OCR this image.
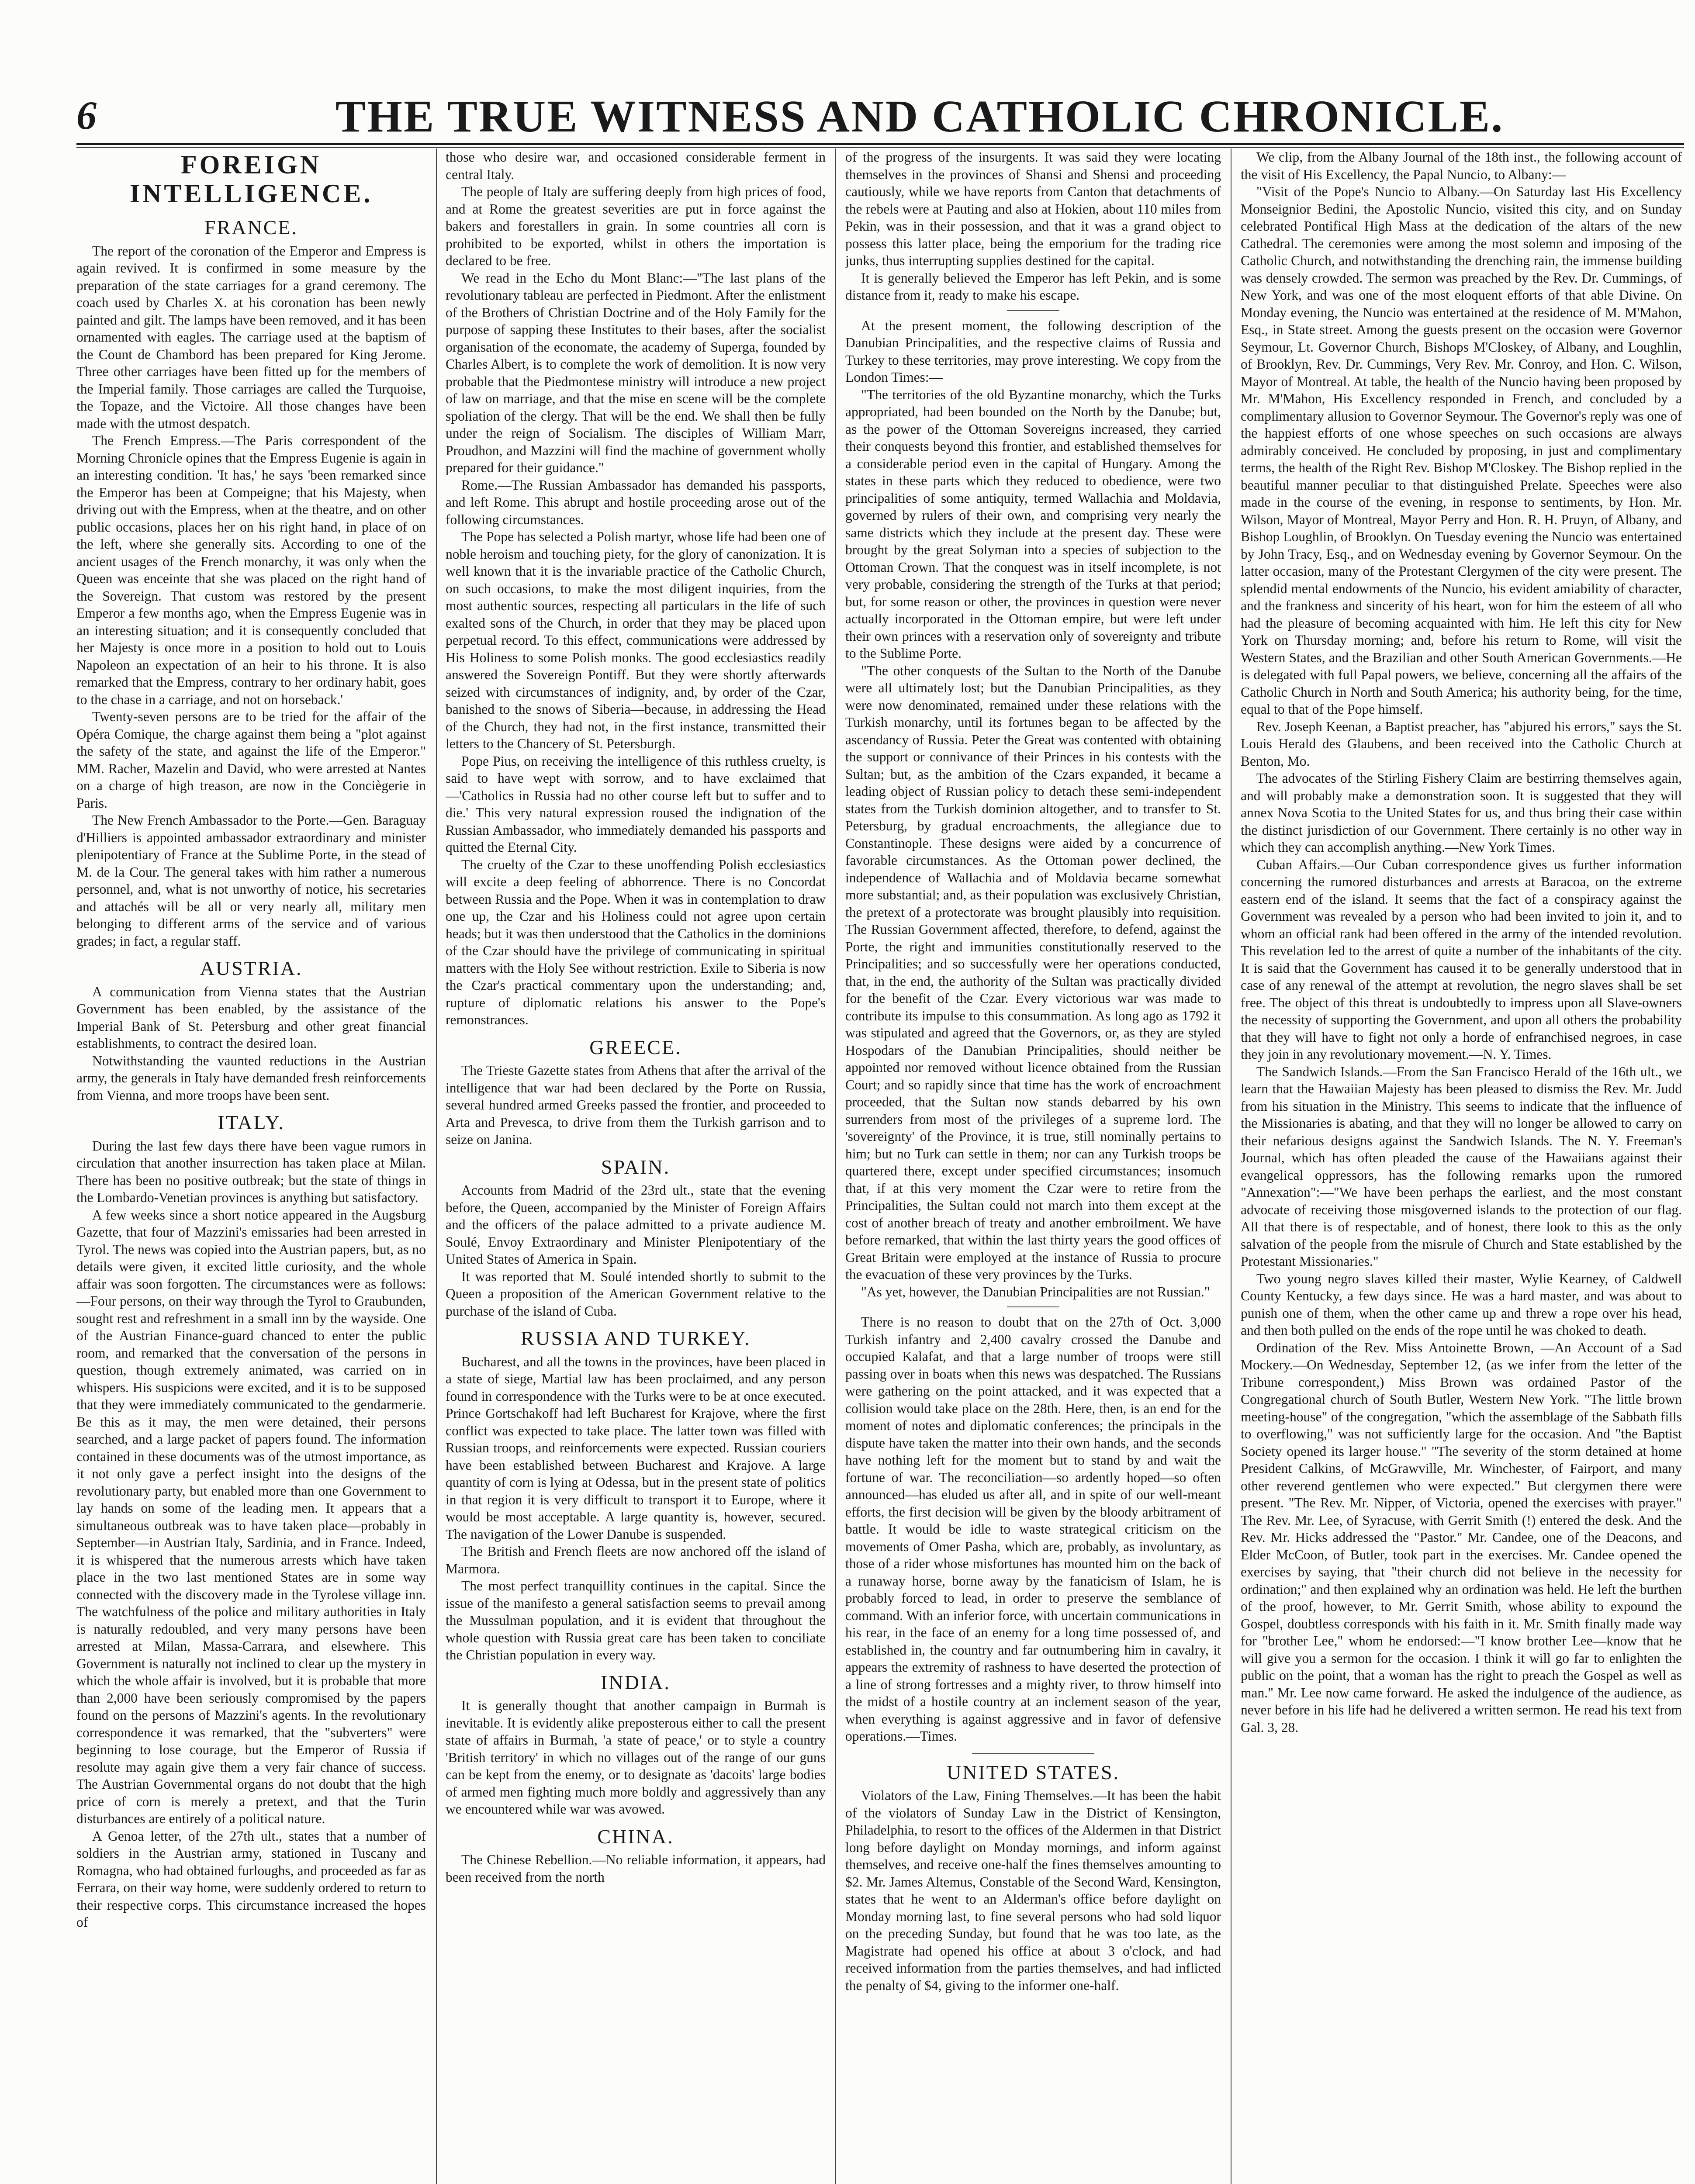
6	THE TRUE WITNESS AND CATHOLIC CHRONICLE.
FOREIGN INTELLIGENCE.
FRANCE.

The report of the coronation of the Emperor and Empress is again revived. It is confirmed in some measure by the preparation of the state carriages for a grand ceremony. The coach used by Charles X. at his coronation has been newly painted and gilt. The lamps have been removed, and it has been ornamented with eagles. The carriage used at the baptism of the Count de Chambord has been prepared for King Jerome. Three other carriages have been fitted up for the members of the Imperial family. Those carriages are called the Turquoise, the Topaze, and the Victoire. All those changes have been made with the utmost despatch.

The French Empress.—The Paris correspondent of the Morning Chronicle opines that the Empress Eugenie is again in an interesting condition. 'It has,' he says 'been remarked since the Emperor has been at Compeigne; that his Majesty, when driving out with the Empress, when at the theatre, and on other public occasions, places her on his right hand, in place of on the left, where she generally sits. According to one of the ancient usages of the French monarchy, it was only when the Queen was enceinte that she was placed on the right hand of the Sovereign. That custom was restored by the present Emperor a few months ago, when the Empress Eugenie was in an interesting situation; and it is consequently concluded that her Majesty is once more in a position to hold out to Louis Napoleon an expectation of an heir to his throne. It is also remarked that the Empress, contrary to her ordinary habit, goes to the chase in a carriage, and not on horseback.'

Twenty-seven persons are to be tried for the affair of the Opéra Comique, the charge against them being a "plot against the safety of the state, and against the life of the Emperor." MM. Racher, Mazelin and David, who were arrested at Nantes on a charge of high treason, are now in the Conciègerie in Paris.

The New French Ambassador to the Porte.—Gen. Baraguay d'Hilliers is appointed ambassador extraordinary and minister plenipotentiary of France at the Sublime Porte, in the stead of M. de la Cour. The general takes with him rather a numerous personnel, and, what is not unworthy of notice, his secretaries and attachés will be all or very nearly all, military men belonging to different arms of the service and of various grades; in fact, a regular staff.

AUSTRIA.

A communication from Vienna states that the Austrian Government has been enabled, by the assistance of the Imperial Bank of St. Petersburg and other great financial establishments, to contract the desired loan.

Notwithstanding the vaunted reductions in the Austrian army, the generals in Italy have demanded fresh reinforcements from Vienna, and more troops have been sent.

ITALY.

During the last few days there have been vague rumors in circulation that another insurrection has taken place at Milan. There has been no positive outbreak; but the state of things in the Lombardo-Venetian provinces is anything but satisfactory.

A few weeks since a short notice appeared in the Augsburg Gazette, that four of Mazzini's emissaries had been arrested in Tyrol. The news was copied into the Austrian papers, but, as no details were given, it excited little curiosity, and the whole affair was soon forgotten. The circumstances were as follows:—Four persons, on their way through the Tyrol to Graubunden, sought rest and refreshment in a small inn by the wayside. One of the Austrian Finance-guard chanced to enter the public room, and remarked that the conversation of the persons in question, though extremely animated, was carried on in whispers. His suspicions were excited, and it is to be supposed that they were immediately communicated to the gendarmerie. Be this as it may, the men were detained, their persons searched, and a large packet of papers found. The information contained in these documents was of the utmost importance, as it not only gave a perfect insight into the designs of the revolutionary party, but enabled more than one Government to lay hands on some of the leading men. It appears that a simultaneous outbreak was to have taken place—probably in September—in Austrian Italy, Sardinia, and in France. Indeed, it is whispered that the numerous arrests which have taken place in the two last mentioned States are in some way connected with the discovery made in the Tyrolese village inn. The watchfulness of the police and military authorities in Italy is naturally redoubled, and very many persons have been arrested at Milan, Massa-Carrara, and elsewhere. This Government is naturally not inclined to clear up the mystery in which the whole affair is involved, but it is probable that more than 2,000 have been seriously compromised by the papers found on the persons of Mazzini's agents. In the revolutionary correspondence it was remarked, that the "subverters" were beginning to lose courage, but the Emperor of Russia if resolute may again give them a very fair chance of success. The Austrian Governmental organs do not doubt that the high price of corn is merely a pretext, and that the Turin disturbances are entirely of a political nature.

A Genoa letter, of the 27th ult., states that a number of soldiers in the Austrian army, stationed in Tuscany and Romagna, who had obtained furloughs, and proceeded as far as Ferrara, on their way home, were suddenly ordered to return to their respective corps. This circumstance increased the hopes of

those who desire war, and occasioned considerable ferment in central Italy.

The people of Italy are suffering deeply from high prices of food, and at Rome the greatest severities are put in force against the bakers and forestallers in grain. In some countries all corn is prohibited to be exported, whilst in others the importation is declared to be free.

We read in the Echo du Mont Blanc:—"The last plans of the revolutionary tableau are perfected in Piedmont. After the enlistment of the Brothers of Christian Doctrine and of the Holy Family for the purpose of sapping these Institutes to their bases, after the socialist organisation of the economate, the academy of Superga, founded by Charles Albert, is to complete the work of demolition. It is now very probable that the Piedmontese ministry will introduce a new project of law on marriage, and that the mise en scene will be the complete spoliation of the clergy. That will be the end. We shall then be fully under the reign of Socialism. The disciples of William Marr, Proudhon, and Mazzini will find the machine of government wholly prepared for their guidance."

Rome.—The Russian Ambassador has demanded his passports, and left Rome. This abrupt and hostile proceeding arose out of the following circumstances.

The Pope has selected a Polish martyr, whose life had been one of noble heroism and touching piety, for the glory of canonization. It is well known that it is the invariable practice of the Catholic Church, on such occasions, to make the most diligent inquiries, from the most authentic sources, respecting all particulars in the life of such exalted sons of the Church, in order that they may be placed upon perpetual record. To this effect, communications were addressed by His Holiness to some Polish monks. The good ecclesiastics readily answered the Sovereign Pontiff. But they were shortly afterwards seized with circumstances of indignity, and, by order of the Czar, banished to the snows of Siberia—because, in addressing the Head of the Church, they had not, in the first instance, transmitted their letters to the Chancery of St. Petersburgh.

Pope Pius, on receiving the intelligence of this ruthless cruelty, is said to have wept with sorrow, and to have exclaimed that—'Catholics in Russia had no other course left but to suffer and to die.' This very natural expression roused the indignation of the Russian Ambassador, who immediately demanded his passports and quitted the Eternal City.

The cruelty of the Czar to these unoffending Polish ecclesiastics will excite a deep feeling of abhorrence. There is no Concordat between Russia and the Pope. When it was in contemplation to draw one up, the Czar and his Holiness could not agree upon certain heads; but it was then understood that the Catholics in the dominions of the Czar should have the privilege of communicating in spiritual matters with the Holy See without restriction. Exile to Siberia is now the Czar's practical commentary upon the understanding; and, rupture of diplomatic relations his answer to the Pope's remonstrances.

GREECE.

The Trieste Gazette states from Athens that after the arrival of the intelligence that war had been declared by the Porte on Russia, several hundred armed Greeks passed the frontier, and proceeded to Arta and Prevesca, to drive from them the Turkish garrison and to seize on Janina.

SPAIN.

Accounts from Madrid of the 23rd ult., state that the evening before, the Queen, accompanied by the Minister of Foreign Affairs and the officers of the palace admitted to a private audience M. Soulé, Envoy Extraordinary and Minister Plenipotentiary of the United States of America in Spain.

It was reported that M. Soulé intended shortly to submit to the Queen a proposition of the American Government relative to the purchase of the island of Cuba.

RUSSIA AND TURKEY.

Bucharest, and all the towns in the provinces, have been placed in a state of siege, Martial law has been proclaimed, and any person found in correspondence with the Turks were to be at once executed. Prince Gortschakoff had left Bucharest for Krajove, where the first conflict was expected to take place. The latter town was filled with Russian troops, and reinforcements were expected. Russian couriers have been established between Bucharest and Krajove. A large quantity of corn is lying at Odessa, but in the present state of politics in that region it is very difficult to transport it to Europe, where it would be most acceptable. A large quantity is, however, secured. The navigation of the Lower Danube is suspended.

The British and French fleets are now anchored off the island of Marmora.

The most perfect tranquillity continues in the capital. Since the issue of the manifesto a general satisfaction seems to prevail among the Mussulman population, and it is evident that throughout the whole question with Russia great care has been taken to conciliate the Christian population in every way.

INDIA.

It is generally thought that another campaign in Burmah is inevitable. It is evidently alike preposterous either to call the present state of affairs in Burmah, 'a state of peace,' or to style a country 'British territory' in which no villages out of the range of our guns can be kept from the enemy, or to designate as 'dacoits' large bodies of armed men fighting much more boldly and aggressively than any we encountered while war was avowed.

CHINA.

The Chinese Rebellion.—No reliable information, it appears, had been received from the north

of the progress of the insurgents. It was said they were locating themselves in the provinces of Shansi and Shensi and proceeding cautiously, while we have reports from Canton that detachments of the rebels were at Pauting and also at Hokien, about 110 miles from Pekin, was in their possession, and that it was a grand object to possess this latter place, being the emporium for the trading rice junks, thus interrupting supplies destined for the capital.

It is generally believed the Emperor has left Pekin, and is some distance from it, ready to make his escape.

At the present moment, the following description of the Danubian Principalities, and the respective claims of Russia and Turkey to these territories, may prove interesting. We copy from the London Times:—

"The territories of the old Byzantine monarchy, which the Turks appropriated, had been bounded on the North by the Danube; but, as the power of the Ottoman Sovereigns increased, they carried their conquests beyond this frontier, and established themselves for a considerable period even in the capital of Hungary. Among the states in these parts which they reduced to obedience, were two principalities of some antiquity, termed Wallachia and Moldavia, governed by rulers of their own, and comprising very nearly the same districts which they include at the present day. These were brought by the great Solyman into a species of subjection to the Ottoman Crown. That the conquest was in itself incomplete, is not very probable, considering the strength of the Turks at that period; but, for some reason or other, the provinces in question were never actually incorporated in the Ottoman empire, but were left under their own princes with a reservation only of sovereignty and tribute to the Sublime Porte.

"The other conquests of the Sultan to the North of the Danube were all ultimately lost; but the Danubian Principalities, as they were now denominated, remained under these relations with the Turkish monarchy, until its fortunes began to be affected by the ascendancy of Russia. Peter the Great was contented with obtaining the support or connivance of their Princes in his contests with the Sultan; but, as the ambition of the Czars expanded, it became a leading object of Russian policy to detach these semi-independent states from the Turkish dominion altogether, and to transfer to St. Petersburg, by gradual encroachments, the allegiance due to Constantinople. These designs were aided by a concurrence of favorable circumstances. As the Ottoman power declined, the independence of Wallachia and of Moldavia became somewhat more substantial; and, as their population was exclusively Christian, the pretext of a protectorate was brought plausibly into requisition. The Russian Government affected, therefore, to defend, against the Porte, the right and immunities constitutionally reserved to the Principalities; and so successfully were her operations conducted, that, in the end, the authority of the Sultan was practically divided for the benefit of the Czar. Every victorious war was made to contribute its impulse to this consummation. As long ago as 1792 it was stipulated and agreed that the Governors, or, as they are styled Hospodars of the Danubian Principalities, should neither be appointed nor removed without licence obtained from the Russian Court; and so rapidly since that time has the work of encroachment proceeded, that the Sultan now stands debarred by his own surrenders from most of the privileges of a supreme lord. The 'sovereignty' of the Province, it is true, still nominally pertains to him; but no Turk can settle in them; nor can any Turkish troops be quartered there, except under specified circumstances; insomuch that, if at this very moment the Czar were to retire from the Principalities, the Sultan could not march into them except at the cost of another breach of treaty and another embroilment. We have before remarked, that within the last thirty years the good offices of Great Britain were employed at the instance of Russia to procure the evacuation of these very provinces by the Turks.

"As yet, however, the Danubian Principalities are not Russian."

There is no reason to doubt that on the 27th of Oct. 3,000 Turkish infantry and 2,400 cavalry crossed the Danube and occupied Kalafat, and that a large number of troops were still passing over in boats when this news was despatched. The Russians were gathering on the point attacked, and it was expected that a collision would take place on the 28th. Here, then, is an end for the moment of notes and diplomatic conferences; the principals in the dispute have taken the matter into their own hands, and the seconds have nothing left for the moment but to stand by and wait the fortune of war. The reconciliation—so ardently hoped—so often announced—has eluded us after all, and in spite of our well-meant efforts, the first decision will be given by the bloody arbitrament of battle. It would be idle to waste strategical criticism on the movements of Omer Pasha, which are, probably, as involuntary, as those of a rider whose misfortunes has mounted him on the back of a runaway horse, borne away by the fanaticism of Islam, he is probably forced to lead, in order to preserve the semblance of command. With an inferior force, with uncertain communications in his rear, in the face of an enemy for a long time possessed of, and established in, the country and far outnumbering him in cavalry, it appears the extremity of rashness to have deserted the protection of a line of strong fortresses and a mighty river, to throw himself into the midst of a hostile country at an inclement season of the year, when everything is against aggressive and in favor of defensive operations.—Times.

UNITED STATES.

Violators of the Law, Fining Themselves.—It has been the habit of the violators of Sunday Law in the District of Kensington, Philadelphia, to resort to the offices of the Aldermen in that District long before daylight on Monday mornings, and inform against themselves, and receive one-half the fines themselves amounting to $2. Mr. James Altemus, Constable of the Second Ward, Kensington, states that he went to an Alderman's office before daylight on Monday morning last, to fine several persons who had sold liquor on the preceding Sunday, but found that he was too late, as the Magistrate had opened his office at about 3 o'clock, and had received information from the parties themselves, and had inflicted the penalty of $4, giving to the informer one-half.

We clip, from the Albany Journal of the 18th inst., the following account of the visit of His Excellency, the Papal Nuncio, to Albany:—

"Visit of the Pope's Nuncio to Albany.—On Saturday last His Excellency Monseignior Bedini, the Apostolic Nuncio, visited this city, and on Sunday celebrated Pontifical High Mass at the dedication of the altars of the new Cathedral. The ceremonies were among the most solemn and imposing of the Catholic Church, and notwithstanding the drenching rain, the immense building was densely crowded. The sermon was preached by the Rev. Dr. Cummings, of New York, and was one of the most eloquent efforts of that able Divine. On Monday evening, the Nuncio was entertained at the residence of M. M'Mahon, Esq., in State street. Among the guests present on the occasion were Governor Seymour, Lt. Governor Church, Bishops M'Closkey, of Albany, and Loughlin, of Brooklyn, Rev. Dr. Cummings, Very Rev. Mr. Conroy, and Hon. C. Wilson, Mayor of Montreal. At table, the health of the Nuncio having been proposed by Mr. M'Mahon, His Excellency responded in French, and concluded by a complimentary allusion to Governor Seymour. The Governor's reply was one of the happiest efforts of one whose speeches on such occasions are always admirably conceived. He concluded by proposing, in just and complimentary terms, the health of the Right Rev. Bishop M'Closkey. The Bishop replied in the beautiful manner peculiar to that distinguished Prelate. Speeches were also made in the course of the evening, in response to sentiments, by Hon. Mr. Wilson, Mayor of Montreal, Mayor Perry and Hon. R. H. Pruyn, of Albany, and Bishop Loughlin, of Brooklyn. On Tuesday evening the Nuncio was entertained by John Tracy, Esq., and on Wednesday evening by Governor Seymour. On the latter occasion, many of the Protestant Clergymen of the city were present. The splendid mental endowments of the Nuncio, his evident amiability of character, and the frankness and sincerity of his heart, won for him the esteem of all who had the pleasure of becoming acquainted with him. He left this city for New York on Thursday morning; and, before his return to Rome, will visit the Western States, and the Brazilian and other South American Governments.—He is delegated with full Papal powers, we believe, concerning all the affairs of the Catholic Church in North and South America; his authority being, for the time, equal to that of the Pope himself.

Rev. Joseph Keenan, a Baptist preacher, has "abjured his errors," says the St. Louis Herald des Glaubens, and been received into the Catholic Church at Benton, Mo.

The advocates of the Stirling Fishery Claim are bestirring themselves again, and will probably make a demonstration soon. It is suggested that they will annex Nova Scotia to the United States for us, and thus bring their case within the distinct jurisdiction of our Government. There certainly is no other way in which they can accomplish anything.—New York Times.

Cuban Affairs.—Our Cuban correspondence gives us further information concerning the rumored disturbances and arrests at Baracoa, on the extreme eastern end of the island. It seems that the fact of a conspiracy against the Government was revealed by a person who had been invited to join it, and to whom an official rank had been offered in the army of the intended revolution. This revelation led to the arrest of quite a number of the inhabitants of the city. It is said that the Government has caused it to be generally understood that in case of any renewal of the attempt at revolution, the negro slaves shall be set free. The object of this threat is undoubtedly to impress upon all Slave-owners the necessity of supporting the Government, and upon all others the probability that they will have to fight not only a horde of enfranchised negroes, in case they join in any revolutionary movement.—N. Y. Times.

The Sandwich Islands.—From the San Francisco Herald of the 16th ult., we learn that the Hawaiian Majesty has been pleased to dismiss the Rev. Mr. Judd from his situation in the Ministry. This seems to indicate that the influence of the Missionaries is abating, and that they will no longer be allowed to carry on their nefarious designs against the Sandwich Islands. The N. Y. Freeman's Journal, which has often pleaded the cause of the Hawaiians against their evangelical oppressors, has the following remarks upon the rumored "Annexation":—"We have been perhaps the earliest, and the most constant advocate of receiving those misgoverned islands to the protection of our flag. All that there is of respectable, and of honest, there look to this as the only salvation of the people from the misrule of Church and State established by the Protestant Missionaries."

Two young negro slaves killed their master, Wylie Kearney, of Caldwell County Kentucky, a few days since. He was a hard master, and was about to punish one of them, when the other came up and threw a rope over his head, and then both pulled on the ends of the rope until he was choked to death.

Ordination of the Rev. Miss Antoinette Brown, —An Account of a Sad Mockery.—On Wednesday, September 12, (as we infer from the letter of the Tribune correspondent,) Miss Brown was ordained Pastor of the Congregational church of South Butler, Western New York. "The little brown meeting-house" of the congregation, "which the assemblage of the Sabbath fills to overflowing," was not sufficiently large for the occasion. And "the Baptist Society opened its larger house." "The severity of the storm detained at home President Calkins, of McGrawville, Mr. Winchester, of Fairport, and many other reverend gentlemen who were expected." But clergymen there were present. "The Rev. Mr. Nipper, of Victoria, opened the exercises with prayer." The Rev. Mr. Lee, of Syracuse, with Gerrit Smith (!) entered the desk. And the Rev. Mr. Hicks addressed the "Pastor." Mr. Candee, one of the Deacons, and Elder McCoon, of Butler, took part in the exercises. Mr. Candee opened the exercises by saying, that "their church did not believe in the necessity for ordination;" and then explained why an ordination was held. He left the burthen of the proof, however, to Mr. Gerrit Smith, whose ability to expound the Gospel, doubtless corresponds with his faith in it. Mr. Smith finally made way for "brother Lee," whom he endorsed:—"I know brother Lee—know that he will give you a sermon for the occasion. I think it will go far to enlighten the public on the point, that a woman has the right to preach the Gospel as well as man." Mr. Lee now came forward. He asked the indulgence of the audience, as never before in his life had he delivered a written sermon. He read his text from Gal. 3, 28.
